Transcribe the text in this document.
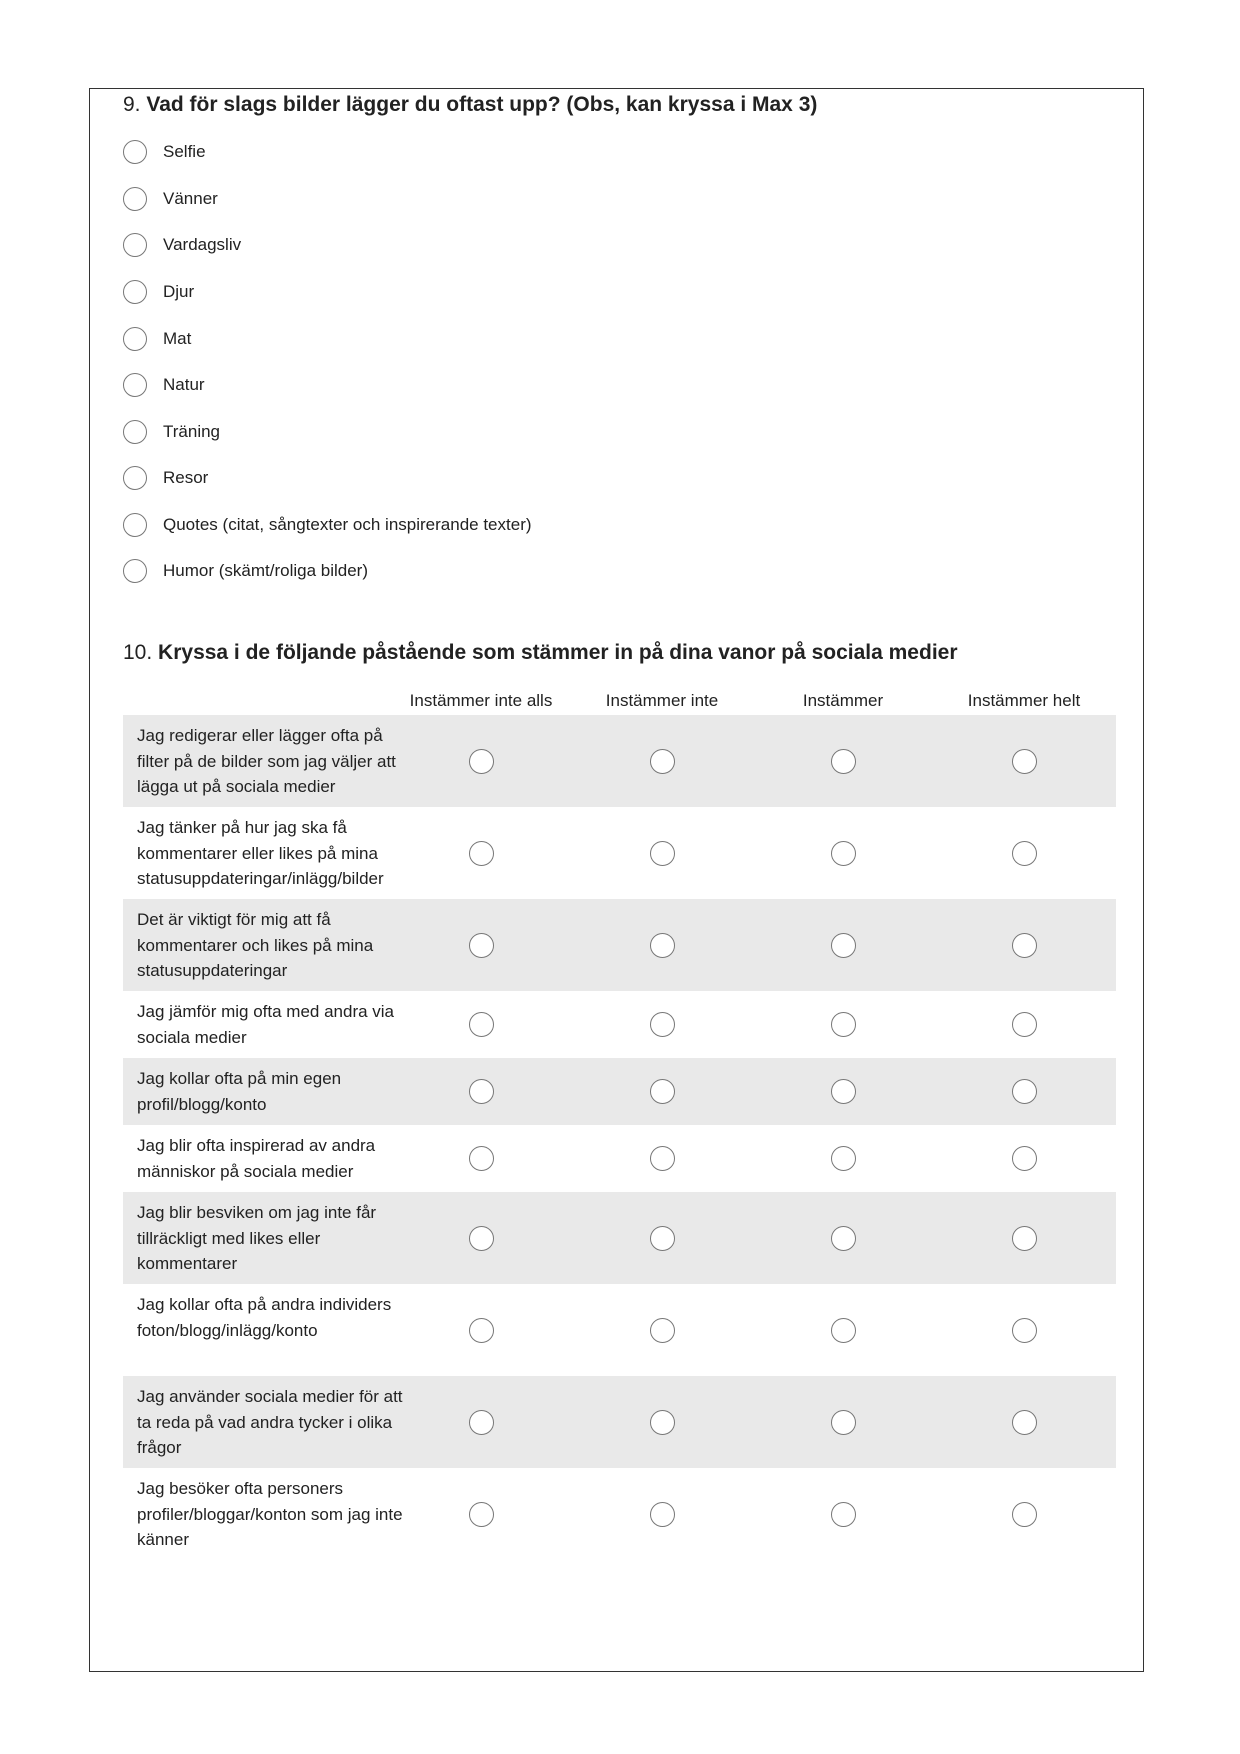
9. Vad för slags bilder lägger du oftast upp? (Obs, kan kryssa i Max 3)
Selfie
Vänner
Vardagsliv
Djur
Mat
Natur
Träning
Resor
Quotes (citat, sångtexter och inspirerande texter)
Humor (skämt/roliga bilder)
10. Kryssa i de följande påstående som stämmer in på dina vanor på sociala medier
Instämmer inte alls	Instämmer inte	Instämmer	Instämmer helt
Jag redigerar eller lägger ofta på filter på de bilder som jag väljer att lägga ut på sociala medier
Jag tänker på hur jag ska få kommentarer eller likes på mina statusuppdateringar/inlägg/bilder
Det är viktigt för mig att få kommentarer och likes på mina statusuppdateringar
Jag jämför mig ofta med andra via sociala medier
Jag kollar ofta på min egen profil/blogg/konto
Jag blir ofta inspirerad av andra människor på sociala medier
Jag blir besviken om jag inte får tillräckligt med likes eller kommentarer
Jag kollar ofta på andra individers foton/blogg/inlägg/konto
Jag använder sociala medier för att ta reda på vad andra tycker i olika frågor
Jag besöker ofta personers profiler/bloggar/konton som jag inte känner
